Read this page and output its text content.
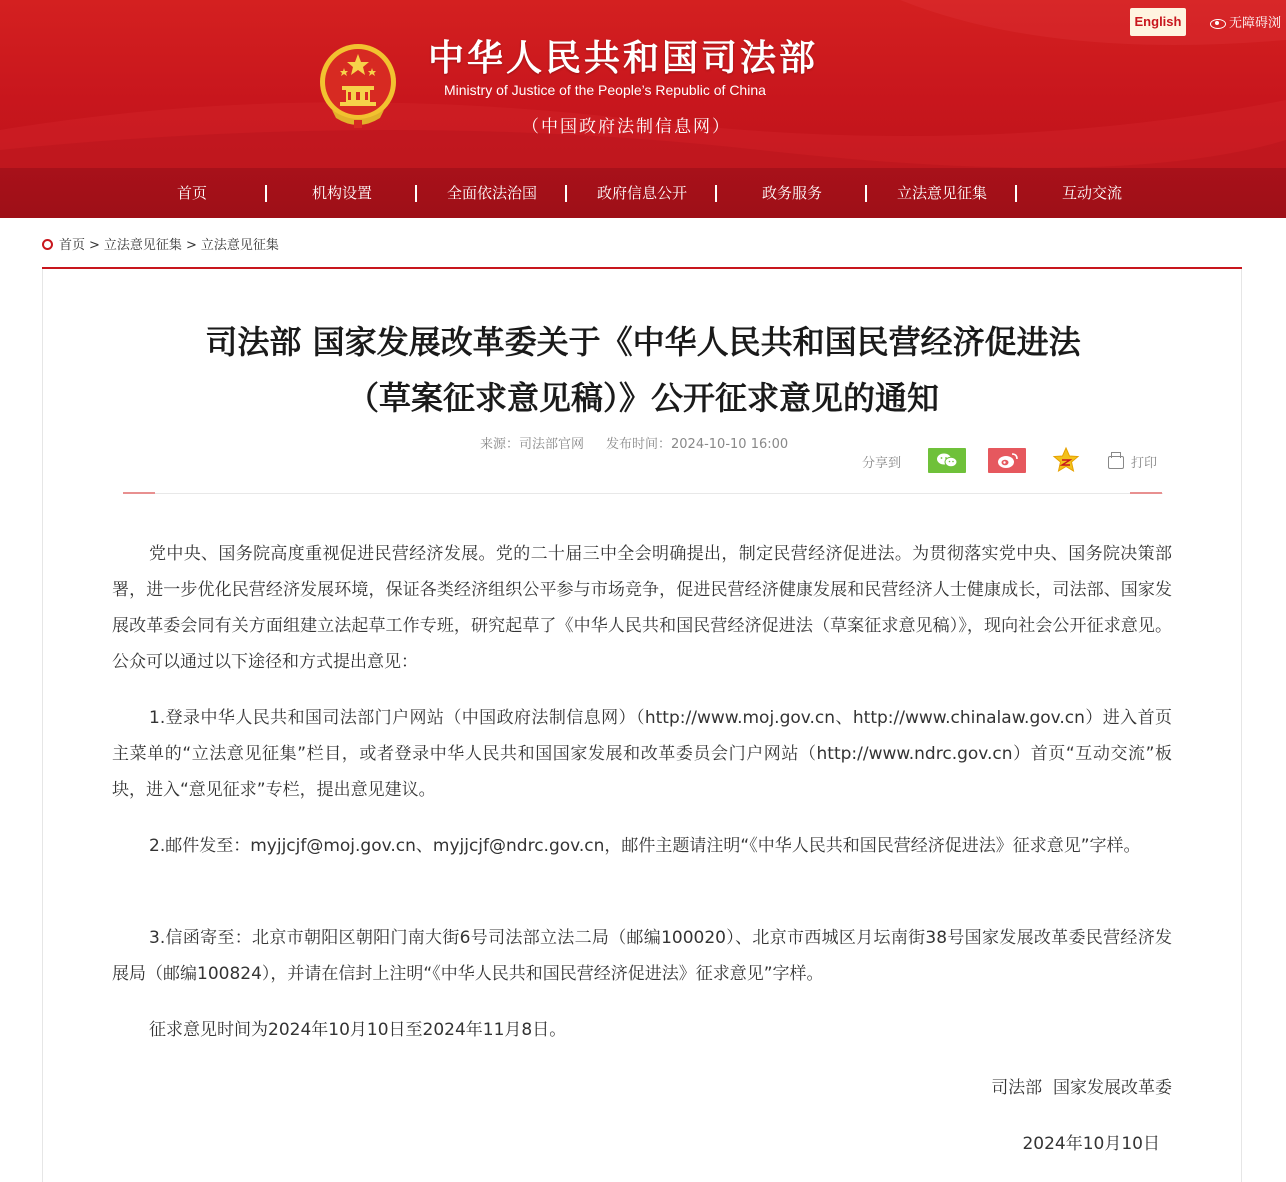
中华人民共和国司法部
Ministry of Justice of the People’s Republic of China
（中国政府法制信息网）
English	无障碍浏
首页	机构设置	全面依法治国	政府信息公开	政务服务	立法意见征集	互动交流
首页 > 立法意见征集 > 立法意见征集
司法部 国家发展改革委关于《中华人民共和国民营经济促进法
（草案征求意见稿）》公开征求意见的通知
来源：司法部官网 发布时间：2024-10-10 16:00
分享到	打印
党中央、国务院高度重视促进民营经济发展。党的二十届三中全会明确提出，制定民营经济促进法。为贯彻落实党中央、国务院决策部署，进一步优化民营经济发展环境，保证各类经济组织公平参与市场竞争，促进民营经济健康发展和民营经济人士健康成长，司法部、国家发展改革委会同有关方面组建立法起草工作专班，研究起草了《中华人民共和国民营经济促进法（草案征求意见稿）》，现向社会公开征求意见。公众可以通过以下途径和方式提出意见：
1.登录中华人民共和国司法部门户网站（中国政府法制信息网）（http://www.moj.gov.cn、http://www.chinalaw.gov.cn）进入首页主菜单的“立法意见征集”栏目，或者登录中华人民共和国国家发展和改革委员会门户网站（http://www.ndrc.gov.cn）首页“互动交流”板块，进入“意见征求”专栏，提出意见建议。
2.邮件发至：myjjcjf@moj.gov.cn、myjjcjf@ndrc.gov.cn，邮件主题请注明“《中华人民共和国民营经济促进法》征求意见”字样。
3.信函寄至：北京市朝阳区朝阳门南大街6号司法部立法二局（邮编100020）、北京市西城区月坛南街38号国家发展改革委民营经济发展局（邮编100824），并请在信封上注明“《中华人民共和国民营经济促进法》征求意见”字样。
征求意见时间为2024年10月10日至2024年11月8日。
司法部  国家发展改革委
2024年10月10日
